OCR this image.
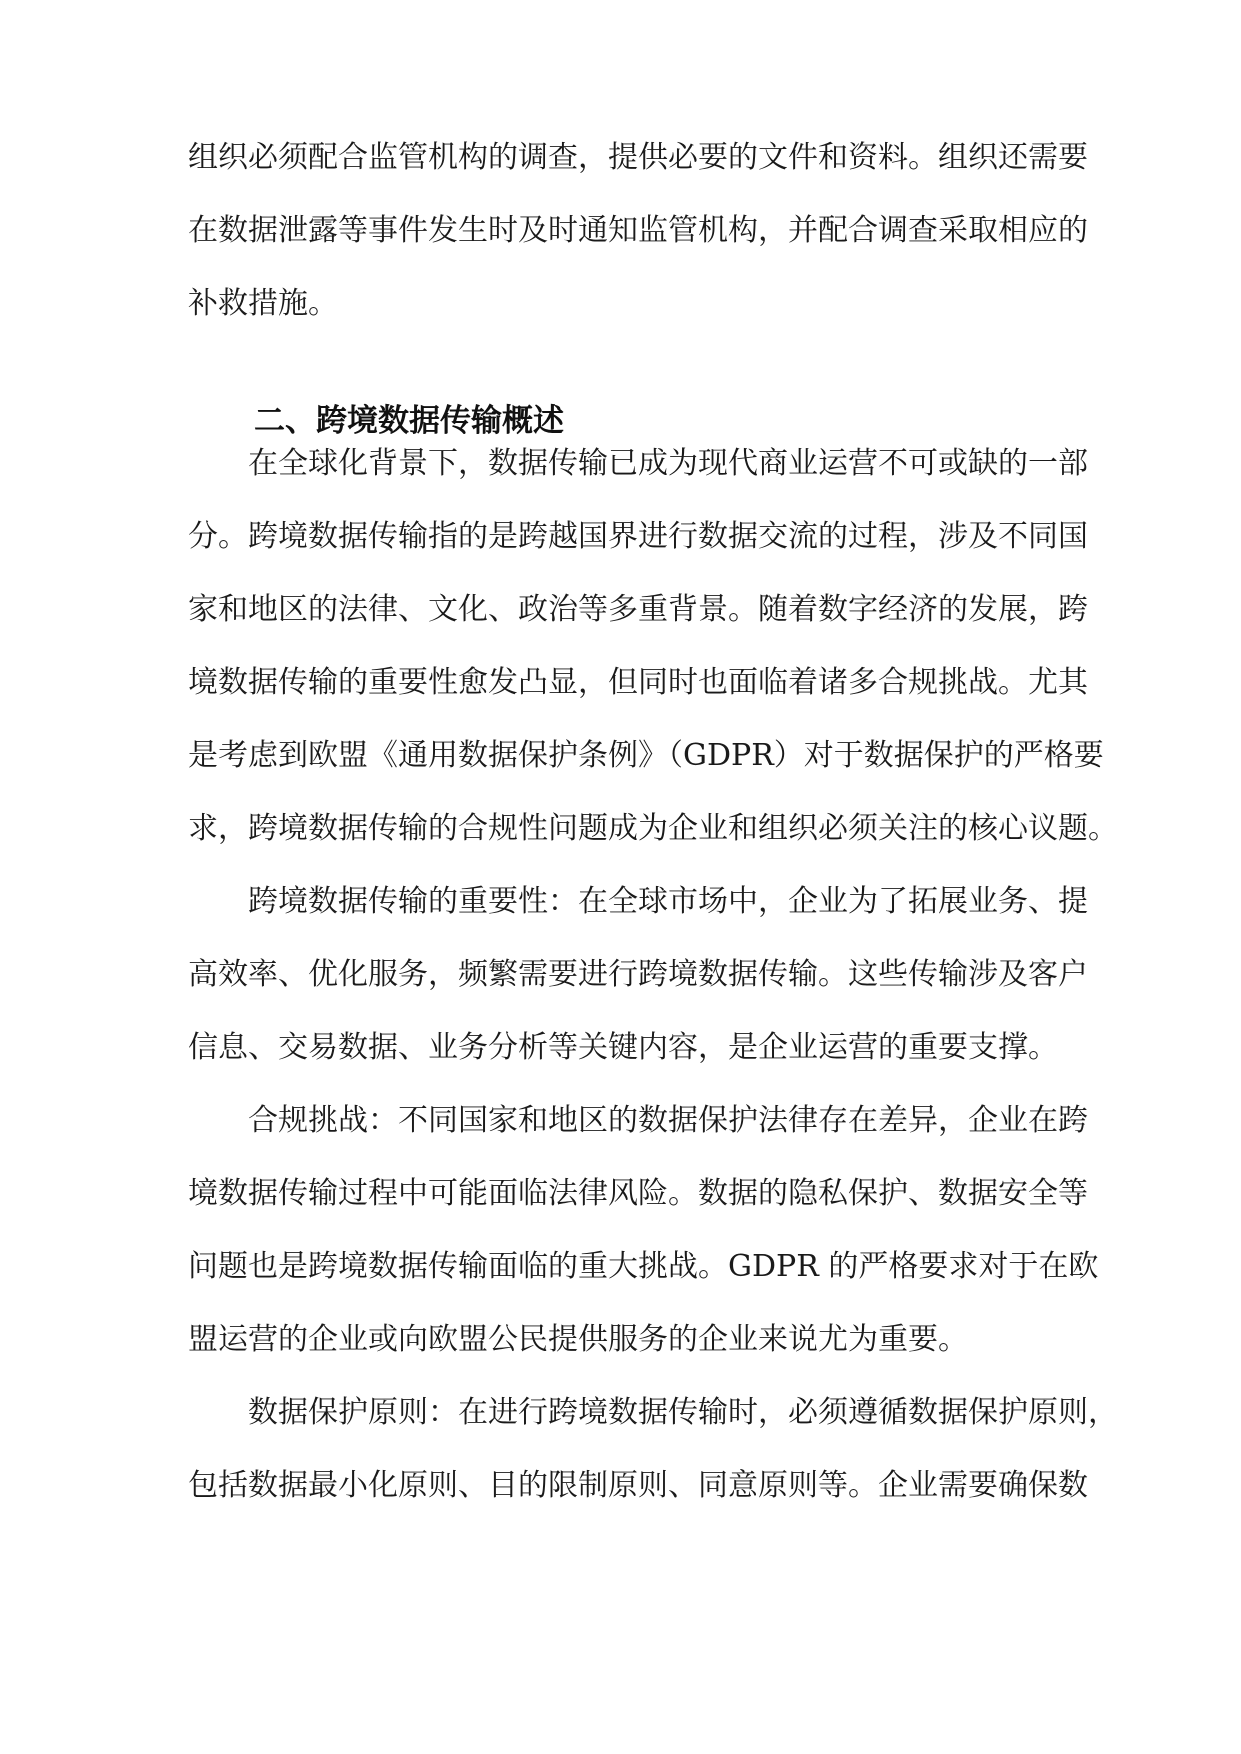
组织必须配合监管机构的调查，提供必要的文件和资料。组织还需要
在数据泄露等事件发生时及时通知监管机构，并配合调查采取相应的
补救措施。
二、跨境数据传输概述
　　在全球化背景下，数据传输已成为现代商业运营不可或缺的一部
分。跨境数据传输指的是跨越国界进行数据交流的过程，涉及不同国
家和地区的法律、文化、政治等多重背景。随着数字经济的发展，跨
境数据传输的重要性愈发凸显，但同时也面临着诸多合规挑战。尤其
是考虑到欧盟《通用数据保护条例》（GDPR）对于数据保护的严格要
求，跨境数据传输的合规性问题成为企业和组织必须关注的核心议题。
　　跨境数据传输的重要性：在全球市场中，企业为了拓展业务、提
高效率、优化服务，频繁需要进行跨境数据传输。这些传输涉及客户
信息、交易数据、业务分析等关键内容，是企业运营的重要支撑。
　　合规挑战：不同国家和地区的数据保护法律存在差异，企业在跨
境数据传输过程中可能面临法律风险。数据的隐私保护、数据安全等
问题也是跨境数据传输面临的重大挑战。GDPR 的严格要求对于在欧
盟运营的企业或向欧盟公民提供服务的企业来说尤为重要。
　　数据保护原则：在进行跨境数据传输时，必须遵循数据保护原则，
包括数据最小化原则、目的限制原则、同意原则等。企业需要确保数
